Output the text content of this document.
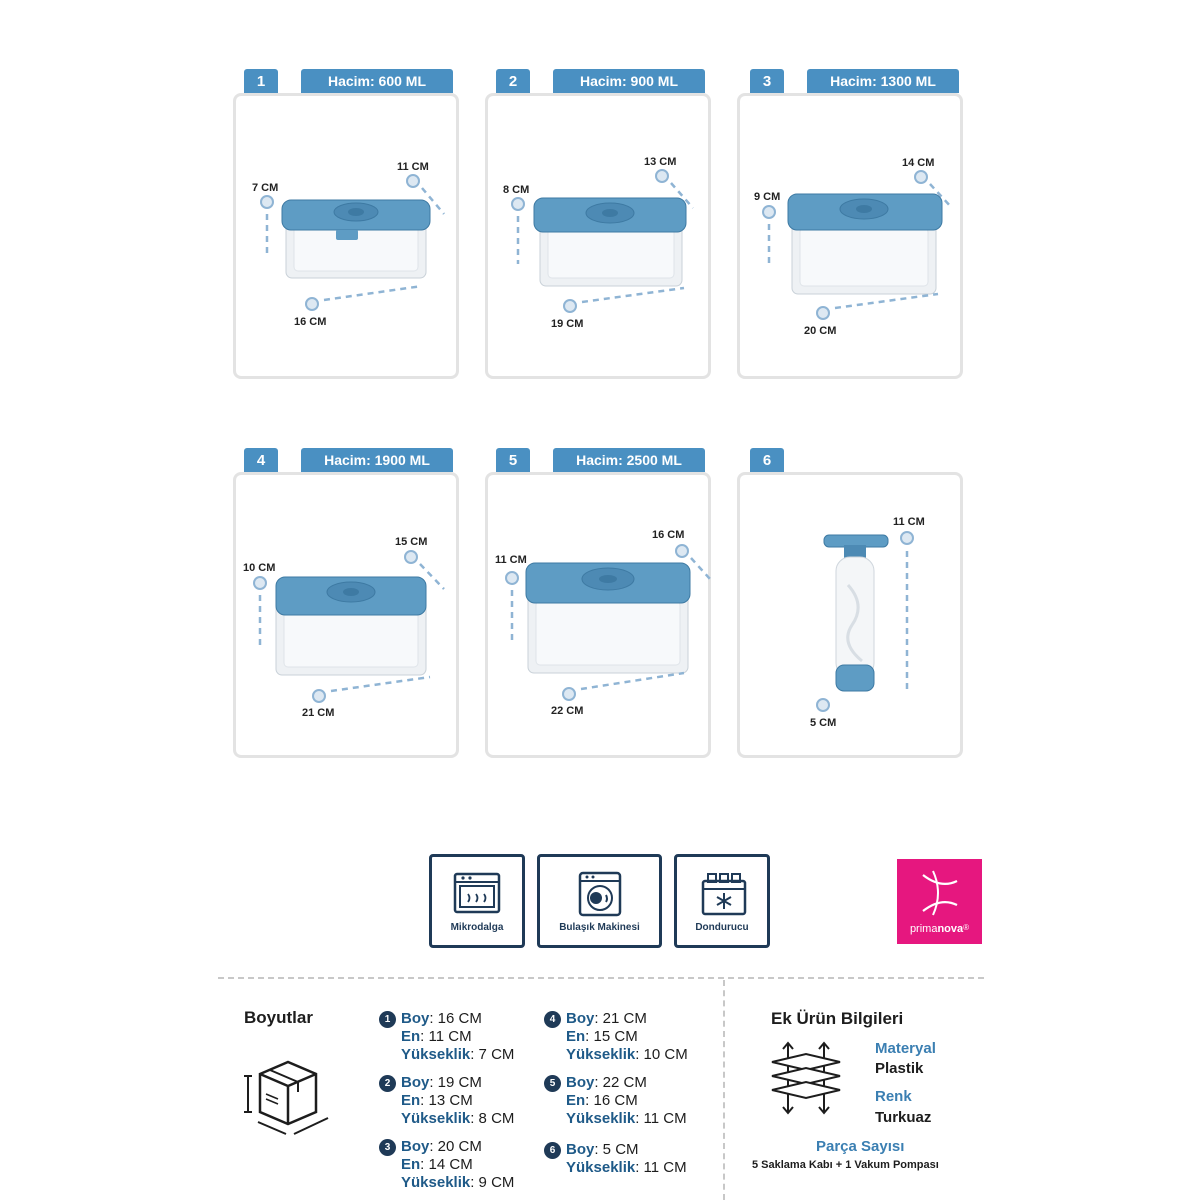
1	Hacim: 600 ML
7 CM
11 CM
16 CM
2	Hacim: 900 ML
8 CM
13 CM
19 CM
3	Hacim: 1300 ML
9 CM
14 CM
20 CM
4	Hacim: 1900 ML
10 CM
15 CM
21 CM
5	Hacim: 2500 ML
11 CM
16 CM
22 CM
6
11 CM
5 CM
Mikrodalga	Bulaşık Makinesi	Dondurucu	primanova®
Boyutlar	1 Boy: 16 CM
En: 11 CM
Yükseklik: 7 CM
2 Boy: 19 CM
En: 13 CM
Yükseklik: 8 CM
3 Boy: 20 CM
En: 14 CM
Yükseklik: 9 CM
4 Boy: 21 CM
En: 15 CM
Yükseklik: 10 CM
5 Boy: 22 CM
En: 16 CM
Yükseklik: 11 CM
6 Boy: 5 CM
Yükseklik: 11 CM
Ek Ürün Bilgileri
Materyal
Plastik
Renk
Turkuaz
Parça Sayısı
5 Saklama Kabı + 1 Vakum Pompası
